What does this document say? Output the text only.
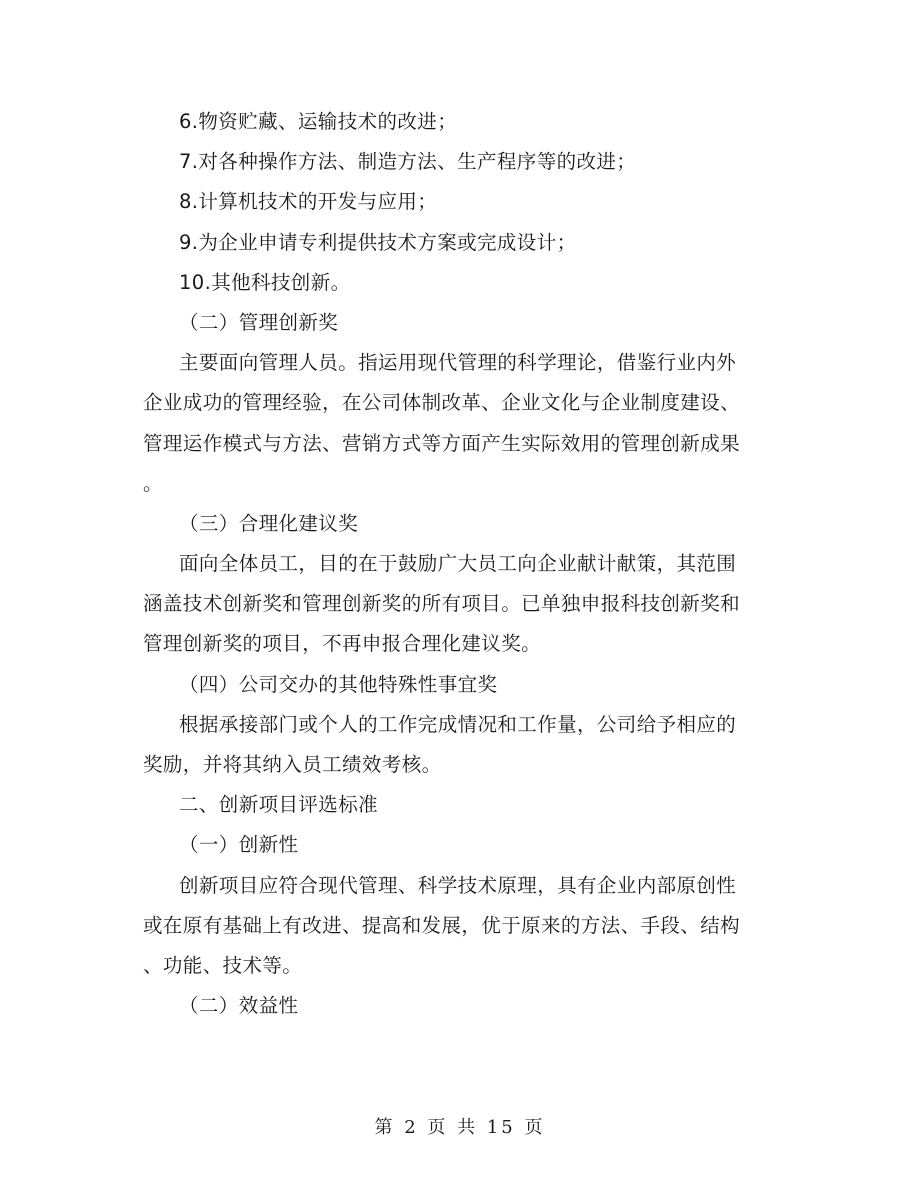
6.物资贮藏、运输技术的改进；
7.对各种操作方法、制造方法、生产程序等的改进；
8.计算机技术的开发与应用；
9.为企业申请专利提供技术方案或完成设计；
10.其他科技创新。
（二）管理创新奖
主要面向管理人员。指运用现代管理的科学理论，借鉴行业内外
企业成功的管理经验，在公司体制改革、企业文化与企业制度建设、
管理运作模式与方法、营销方式等方面产生实际效用的管理创新成果
。
（三）合理化建议奖
面向全体员工，目的在于鼓励广大员工向企业献计献策，其范围
涵盖技术创新奖和管理创新奖的所有项目。已单独申报科技创新奖和
管理创新奖的项目，不再申报合理化建议奖。
（四）公司交办的其他特殊性事宜奖
根据承接部门或个人的工作完成情况和工作量，公司给予相应的
奖励，并将其纳入员工绩效考核。
二、创新项目评选标准
（一）创新性
创新项目应符合现代管理、科学技术原理，具有企业内部原创性
或在原有基础上有改进、提高和发展，优于原来的方法、手段、结构
、功能、技术等。
（二）效益性
第 2 页 共 15 页
